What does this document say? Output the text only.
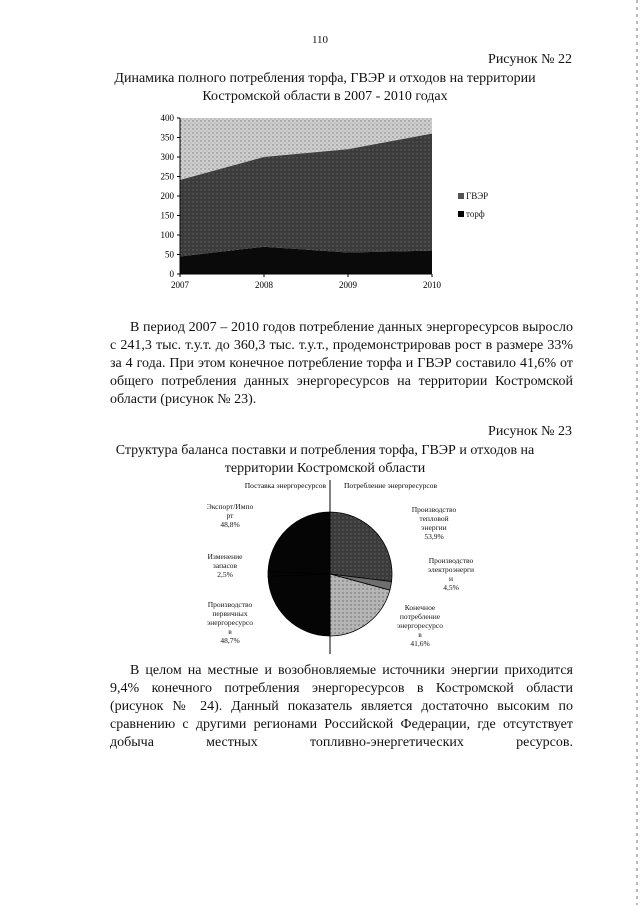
110
Рисунок № 22
Динамика полного потребления торфа, ГВЭР и отходов на территории
Костромской области в 2007 - 2010 годах
0
50
100
150
200
250
300
350
400
2007	2008	2009	2010
ГВЭР
торф
В период 2007 – 2010 годов потребление данных энергоресурсов выросло с 241,3 тыс. т.у.т. до 360,3 тыс. т.у.т., продемонстрировав рост в размере 33% за 4 года. При этом конечное потребление торфа и ГВЭР составило 41,6% от общего потребления данных энергоресурсов на территории Костромской области (рисунок № 23).
Рисунок № 23
Структура баланса поставки и потребления торфа, ГВЭР и отходов на
территории Костромской области
Поставка энергоресурсов Потребление энергоресурсов
Экспорт/Импо
рт
48,8%
Изменение
запасов
2,5%
Производство
первичных
энергоресурсо
в
48,7%
Производство
тепловой
энергии
53,9%
Производство
электроэнерги
и
4,5%
Конечное
потребление
энергоресурсо
в
41,6%
В целом на местные и возобновляемые источники энергии приходится 9,4% конечного потребления энергоресурсов в Костромской области (рисунок № 24). Данный показатель является достаточно высоким по сравнению с другими регионами Российской Федерации, где отсутствует добыча местных топливно-энергетических ресурсов.
